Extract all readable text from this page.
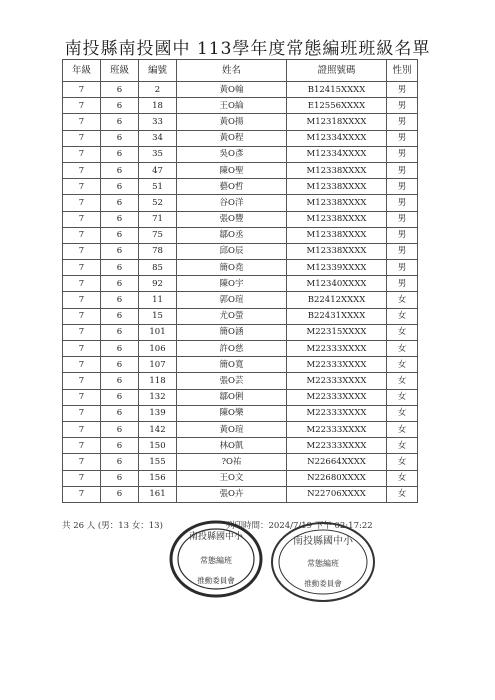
南投縣南投國中 113學年度常態編班班級名單
年級	班級	編號	姓名	證照號碼	性別
7	6	2	黃O翰	B12415XXXX	男
7	6	18	王O綸	E12556XXXX	男
7	6	33	黃O揚	M12318XXXX	男
7	6	34	黃O程	M12334XXXX	男
7	6	35	吳O彥	M12334XXXX	男
7	6	47	陳O聖	M12338XXXX	男
7	6	51	藝O哲	M12338XXXX	男
7	6	52	谷O洋	M12338XXXX	男
7	6	71	張O豐	M12338XXXX	男
7	6	75	鄒O丞	M12338XXXX	男
7	6	78	邱O辰	M12338XXXX	男
7	6	85	簡O堯	M12339XXXX	男
7	6	92	陳O宇	M12340XXXX	男
7	6	11	郭O瑄	B22412XXXX	女
7	6	15	尤O螢	B22431XXXX	女
7	6	101	簡O涵	M22315XXXX	女
7	6	106	許O慈	M22333XXXX	女
7	6	107	簡O寬	M22333XXXX	女
7	6	118	張O芸	M22333XXXX	女
7	6	132	鄒O俐	M22333XXXX	女
7	6	139	陳O樂	M22333XXXX	女
7	6	142	黃O瑄	M22333XXXX	女
7	6	150	林O凱	M22333XXXX	女
7	6	155	?O祐	N22664XXXX	女
7	6	156	王O文	N22680XXXX	女
7	6	161	張O卉	N22706XXXX	女
共 26 人 (男：13 女：13)
南投縣國中小
常態編班
推動委員會
列印時間：2024/7/19 下午 02:17:22
南投縣國中小
常態編班
推動委員會
